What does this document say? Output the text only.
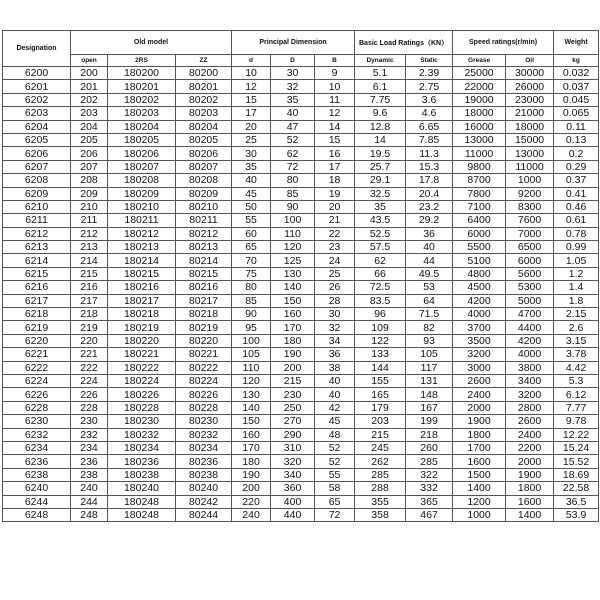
Designation	Old model			Principal Dimension			Basic Load Ratings（KN）		Speed ratings(r/min)		Weight
	open	2RS	ZZ	d	D	B	Dynamic	Static	Grease	Oil	kg
6200	200	180200	80200	10	30	9	5.1	2.39	25000	30000	0.032
6201	201	180201	80201	12	32	10	6.1	2.75	22000	26000	0.037
6202	202	180202	80202	15	35	11	7.75	3.6	19000	23000	0.045
6203	203	180203	80203	17	40	12	9.6	4.6	18000	21000	0.065
6204	204	180204	80204	20	47	14	12.8	6.65	16000	18000	0.11
6205	205	180205	80205	25	52	15	14	7.85	13000	15000	0.13
6206	206	180206	80206	30	62	16	19.5	11.3	11000	13000	0.2
6207	207	180207	80207	35	72	17	25.7	15.3	9800	11000	0.29
6208	208	180208	80208	40	80	18	29.1	17.8	8700	1000	0.37
6209	209	180209	80209	45	85	19	32.5	20.4	7800	9200	0.41
6210	210	180210	80210	50	90	20	35	23.2	7100	8300	0.46
6211	211	180211	80211	55	100	21	43.5	29.2	6400	7600	0.61
6212	212	180212	80212	60	110	22	52.5	36	6000	7000	0.78
6213	213	180213	80213	65	120	23	57.5	40	5500	6500	0.99
6214	214	180214	80214	70	125	24	62	44	5100	6000	1.05
6215	215	180215	80215	75	130	25	66	49.5	4800	5600	1.2
6216	216	180216	80216	80	140	26	72.5	53	4500	5300	1.4
6217	217	180217	80217	85	150	28	83.5	64	4200	5000	1.8
6218	218	180218	80218	90	160	30	96	71.5	4000	4700	2.15
6219	219	180219	80219	95	170	32	109	82	3700	4400	2.6
6220	220	180220	80220	100	180	34	122	93	3500	4200	3.15
6221	221	180221	80221	105	190	36	133	105	3200	4000	3.78
6222	222	180222	80222	110	200	38	144	117	3000	3800	4.42
6224	224	180224	80224	120	215	40	155	131	2600	3400	5.3
6226	226	180226	80226	130	230	40	165	148	2400	3200	6.12
6228	228	180228	80228	140	250	42	179	167	2000	2800	7.77
6230	230	180230	80230	150	270	45	203	199	1900	2600	9.78
6232	232	180232	80232	160	290	48	215	218	1800	2400	12.22
6234	234	180234	80234	170	310	52	245	260	1700	2200	15.24
6236	236	180236	80236	180	320	52	262	285	1600	2000	15.52
6238	238	180238	80238	190	340	55	285	322	1500	1900	18.69
6240	240	180240	80240	200	360	58	288	332	1400	1800	22.58
6244	244	180248	80242	220	400	65	355	365	1200	1600	36.5
6248	248	180248	80244	240	440	72	358	467	1000	1400	53.9
